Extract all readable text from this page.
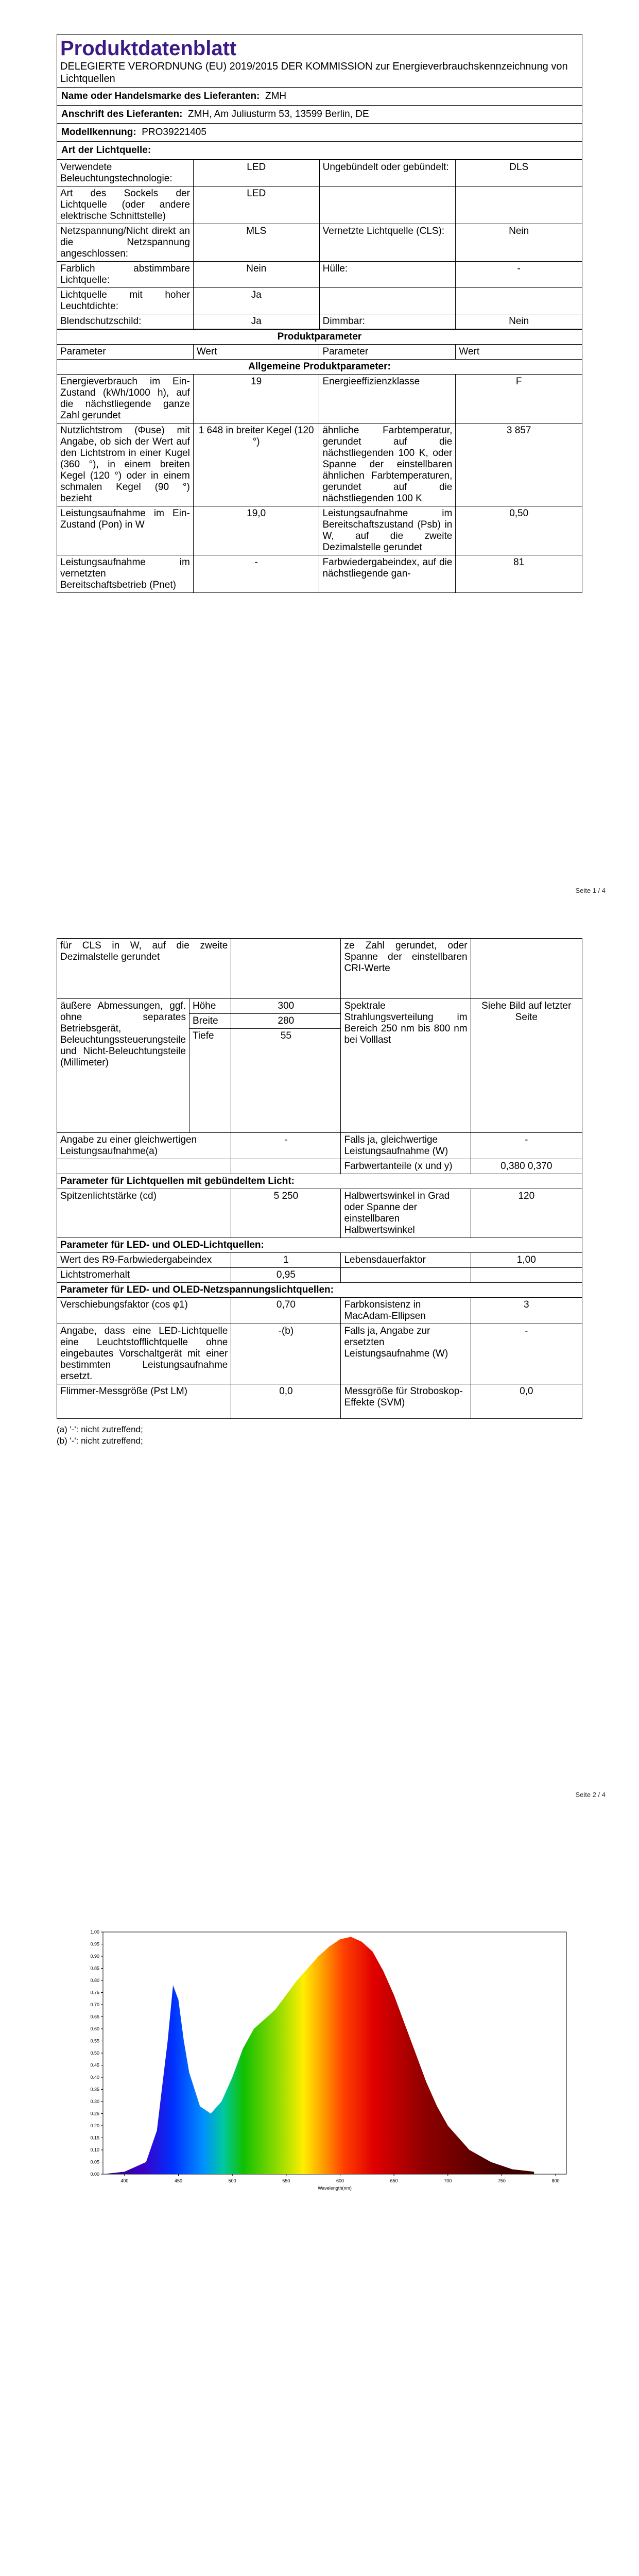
Produktdatenblatt
DELEGIERTE VERORDNUNG (EU) 2019/2015 DER KOMMISSION zur Energieverbrauchskennzeichnung von Lichtquellen
Name oder Handelsmarke des Lieferanten: ZMH
Anschrift des Lieferanten: ZMH, Am Juliusturm 53, 13599 Berlin, DE
Modellkennung: PRO39221405
Art der Lichtquelle:
Verwendete Beleuchtungstechnologie:	LED	Ungebündelt oder gebündelt:	DLS
Art des Sockels der Lichtquelle (oder andere elektrische Schnittstelle)	LED		
Netzspannung/Nicht direkt an die Netzspannung angeschlossen:	MLS	Vernetzte Lichtquelle (CLS):	Nein
Farblich abstimmbare Lichtquelle:	Nein	Hülle:	-
Lichtquelle mit hoher Leuchtdichte:	Ja		
Blendschutzschild:	Ja	Dimmbar:	Nein
Produktparameter			
Parameter	Wert	Parameter	Wert
Allgemeine Produktparameter:			
Energieverbrauch im Ein-Zustand (kWh/1000 h), auf die nächstliegende ganze Zahl gerundet	19	Energieeffizienzklasse	F
Nutzlichtstrom (Φuse) mit Angabe, ob sich der Wert auf den Lichtstrom in einer Kugel (360 °), in einem breiten Kegel (120 °) oder in einem schmalen Kegel (90 °) bezieht	1 648 in breiter Kegel (120 °)	ähnliche Farbtemperatur, gerundet auf die nächstliegenden 100 K, oder Spanne der einstellbaren ähnlichen Farbtemperaturen, gerundet auf die nächstliegenden 100 K	3 857
Leistungsaufnahme im Ein-Zustand (Pon) in W	19,0	Leistungsaufnahme im Bereitschaftszustand (Psb) in W, auf die zweite Dezimalstelle gerundet	0,50
Leistungsaufnahme im vernetzten Bereitschaftsbetrieb (Pnet)	-	Farbwiedergabeindex, auf die nächstliegende gan-	81
Seite 1 / 4
für CLS in W, auf die zweite Dezimalstelle gerundet			ze Zahl gerundet, oder Spanne der einstellbaren CRI-Werte	
äußere Abmessungen, ggf. ohne separates Betriebsgerät, Beleuchtungssteuerungsteile und Nicht-Beleuchtungsteile (Millimeter)	Höhe	300	Spektrale Strahlungsverteilung im Bereich 250 nm bis 800 nm bei Volllast	Siehe Bild auf letzter Seite
	Breite	280		
	Tiefe	55		
Angabe zu einer gleichwertigen Leistungsaufnahme(a)		-	Falls ja, gleichwertige Leistungsaufnahme (W)	-
			Farbwertanteile (x und y)	0,380 0,370
Parameter für Lichtquellen mit gebündeltem Licht:				
Spitzenlichtstärke (cd)		5 250	Halbwertswinkel in Grad oder Spanne der einstellbaren Halbwertswinkel	120
Parameter für LED- und OLED-Lichtquellen:				
Wert des R9-Farbwiedergabeindex		1	Lebensdauerfaktor	1,00
Lichtstromerhalt		0,95		
Parameter für LED- und OLED-Netzspannungslichtquellen:				
Verschiebungsfaktor (cos φ1)		0,70	Farbkonsistenz in MacAdam-Ellipsen	3
Angabe, dass eine LED-Lichtquelle eine Leuchtstofflichtquelle ohne eingebautes Vorschaltgerät mit einer bestimmten Leistungsaufnahme ersetzt.		-(b)	Falls ja, Angabe zur ersetzten Leistungsaufnahme (W)	-
Flimmer-Messgröße (Pst LM)		0,0	Messgröße für Stroboskop-Effekte (SVM)	0,0
(a) '-': nicht zutreffend;
(b) '-': nicht zutreffend;
Seite 2 / 4
0.00
0.05
0.10
0.15
0.20
0.25
0.30
0.35
0.40
0.45
0.50
0.55
0.60
0.65
0.70
0.75
0.80
0.85
0.90
0.95
1.00
400	450	500	550	600	650	700	750	800
Wavelength(nm)
